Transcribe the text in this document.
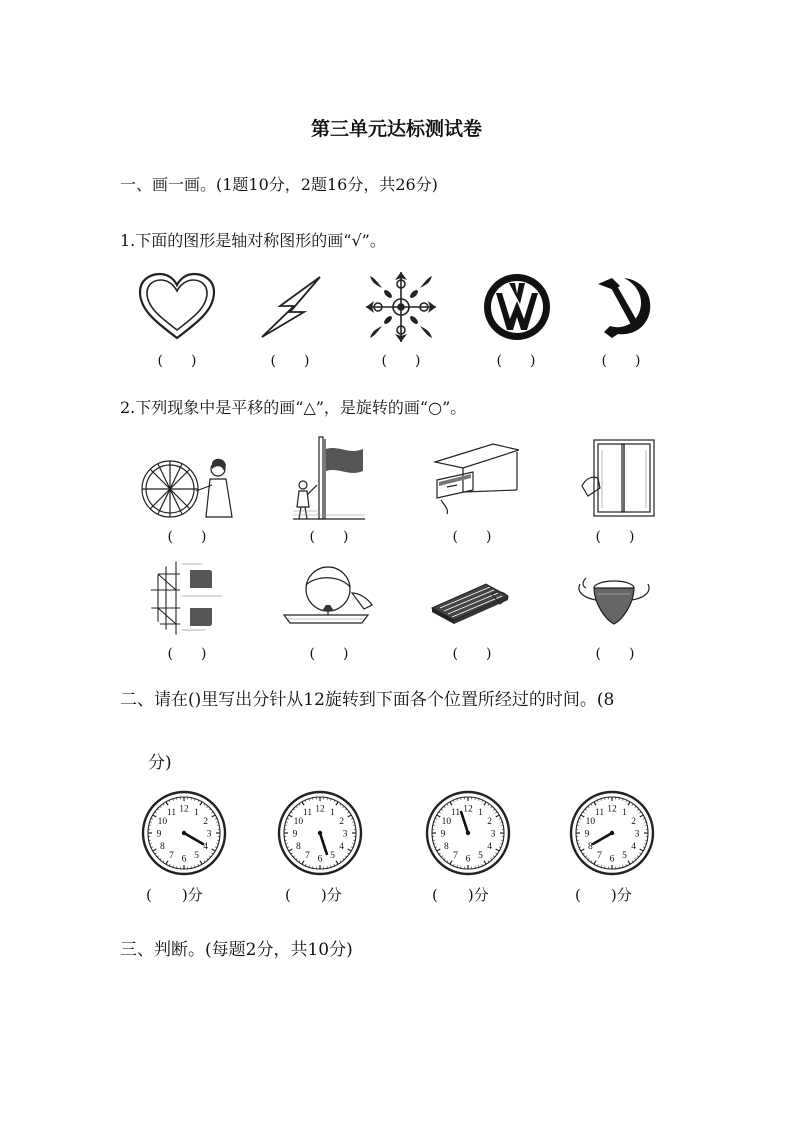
第三单元达标测试卷
一、画一画。(1题10分，2题16分，共26分)
1.下面的图形是轴对称图形的画“√”。
(　　)	(　　)	(　　)	(　　)	(　　)
2.下列现象中是平移的画“△”，是旋转的画“○”。
(　　)	(　　)	(　　)	(　　)
(　　)	(　　)	(　　)	(　　)
二、请在()里写出分针从12旋转到下面各个位置所经过的时间。(8
分)
12 1
2
3
4
5
6
7
8
9
10
11	12 1
2
3
4
5
6
7
8
9
10
11	12 1
2
3
4
5
6
7
8
9
10
11	12 1
2
3
4
5
6
7
8
9
10
11
(　　)分	(　　)分	(　　)分	(　　)分
三、判断。(每题2分，共10分)
